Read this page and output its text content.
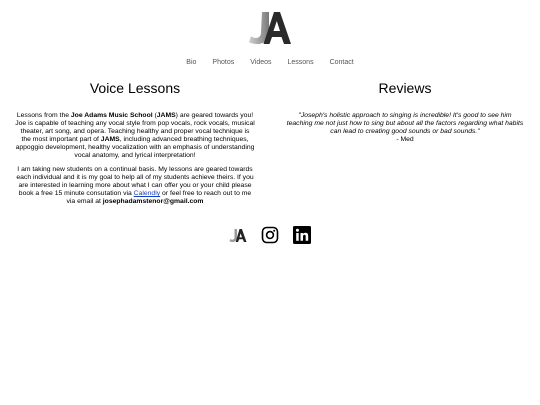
Bio Photos Videos Lessons Contact
Voice Lessons	Reviews

Lessons from the Joe Adams Music School (JAMS) are geared towards you! Joe is capable of teaching any vocal style from pop vocals, rock vocals, musical theater, art song, and opera. Teaching healthy and proper vocal technique is the most important part of JAMS, including advanced breathing techniques, appoggio development, healthy vocalization with an emphasis of understanding vocal anatomy, and lyrical interpretation!

I am taking new students on a continual basis. My lessons are geared towards each individual and it is my goal to help all of my students achieve theirs. If you are interested in learning more about what I can offer you or your child please book a free 15 minute consutation via Calendly or feel free to reach out to me via email at josephadamstenor@gmail.com

"Joseph's holistic approach to singing is incredible! It's good to see him teaching me not just how to sing but about all the factors regarding what habits can lead to creating good sounds or bad sounds."

- Med
